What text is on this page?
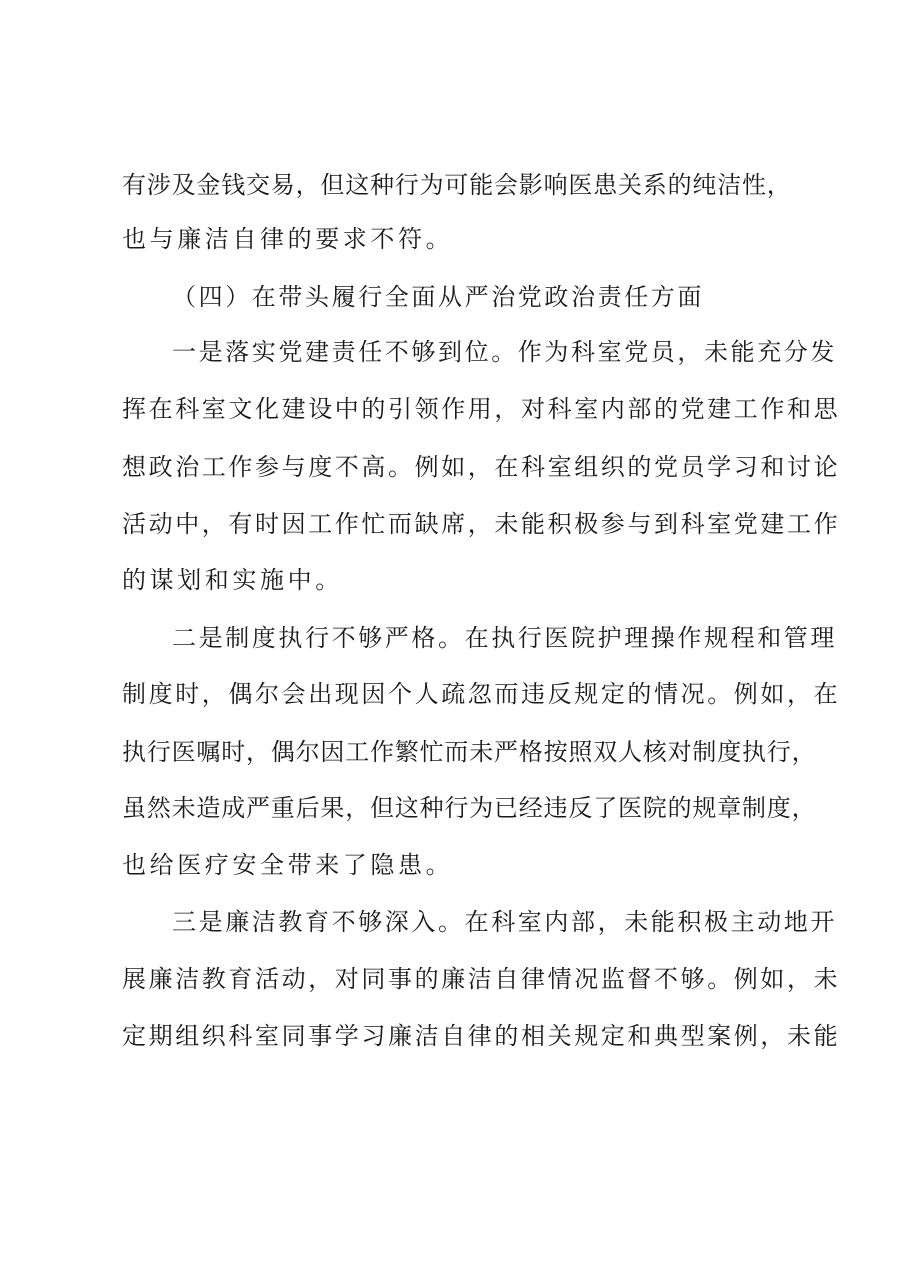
有涉及金钱交易，但这种行为可能会影响医患关系的纯洁性，
也与廉洁自律的要求不符。
（四）在带头履行全面从严治党政治责任方面
一是落实党建责任不够到位。作为科室党员，未能充分发
挥在科室文化建设中的引领作用，对科室内部的党建工作和思
想政治工作参与度不高。例如，在科室组织的党员学习和讨论
活动中，有时因工作忙而缺席，未能积极参与到科室党建工作
的谋划和实施中。
二是制度执行不够严格。在执行医院护理操作规程和管理
制度时，偶尔会出现因个人疏忽而违反规定的情况。例如，在
执行医嘱时，偶尔因工作繁忙而未严格按照双人核对制度执行，
虽然未造成严重后果，但这种行为已经违反了医院的规章制度，
也给医疗安全带来了隐患。
三是廉洁教育不够深入。在科室内部，未能积极主动地开
展廉洁教育活动，对同事的廉洁自律情况监督不够。例如，未
定期组织科室同事学习廉洁自律的相关规定和典型案例，未能
